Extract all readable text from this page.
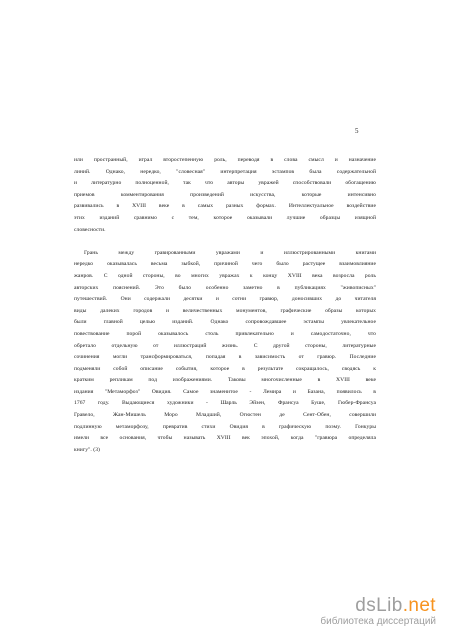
5

или пространный, играл второстепенную роль, переводя в слова смысл и назначение
линий. Однако, нередко, "словесная" интерпретация эстампов была содержательной
и литературно полноценной, так что авторы увражей способствовали обогащению
приемов комментирования произведений искусства, которые интенсивно
развивались в XVIII веке в самых разных формах. Интеллектуальное воздействие
этих изданий сравнимо с тем, которое оказывали лучшие образцы изящной
словесности.

Грань между гравированными увражами и иллюстрированными книгами
нередко оказывалась весьма зыбкой, причиной чего было растущее взаимовлияние
жанров. С одной стороны, во многих увражах к концу XVIII века возросла роль
авторских пояснений. Это было особенно заметно в публикациях "живописных"
путешествий. Они содержали десятки и сотни гравюр, доносивших до читателя
виды далеких городов и величественных монументов, графические образы которых
были главной целью изданий. Однако сопровождавшее эстампы увлекательное
повествование порой оказывалось столь привлекательно и самодостаточно, что
обретало отдельную от иллюстраций жизнь. С другой стороны, литературные
сочинения могли трансформироваться, попадая в зависимость от гравюр. Последние
подменяли собой описание события, которое в результате сокращалось, сводясь к
кратким репликам под изображениями. Таковы многочисленные в XVIII веке
издания "Метаморфоз" Овидия. Самое знаменитое - Лемира и Базана, появилось в
1767 году. Выдающиеся художники - Шарль Эйзен, Франсуа Буше, Гюбер-Франсуа
Гравело, Жан-Мишель Моро Младший, Огюстен де Сент-Обен, совершили
подлинную метаморфозу, превратив стихи Овидия в графическую поэму. Гонкуры
имели все основания, чтобы называть XVIII век эпохой, когда "гравюра определяла
книгу". (3)

dsLib.net
библиотека диссертаций
